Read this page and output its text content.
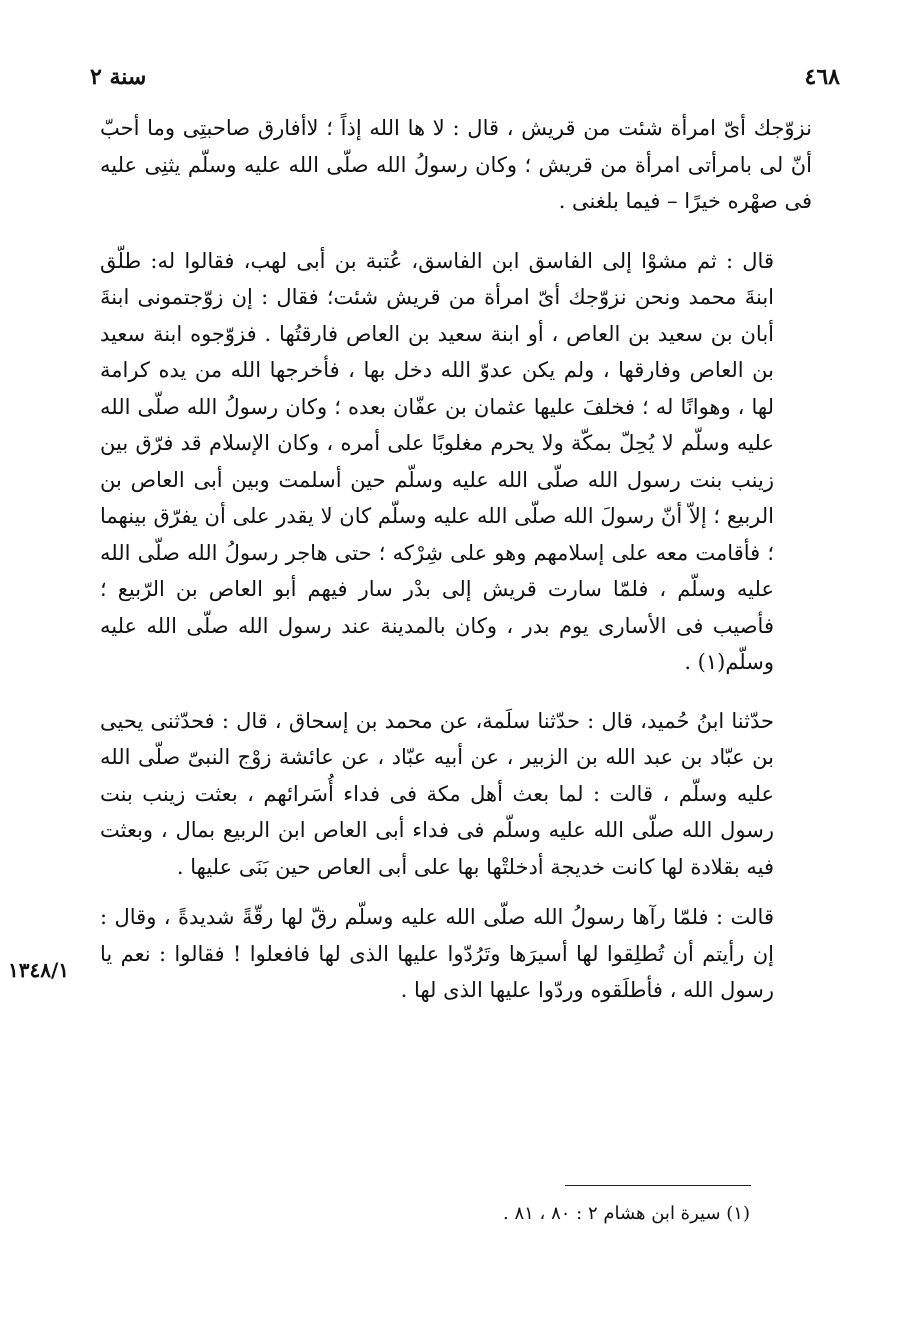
سنة ٢	٤٦٨

نزوّجك أىّ امرأة شئت من قريش ، قال : لا ها الله إذاً ؛ لاأفارق صاحبتِى وما أحبّ أنّ لى بامرأتى امرأة من قريش ؛ وكان رسولُ الله صلّى الله عليه وسلّم يثنِى عليه فى صهْره خيرًا – فيما بلغنى .

قال : ثم مشوْا إلى الفاسق ابن الفاسق، عُتبة بن أبى لهب، فقالوا له: طلّق ابنةَ محمد ونحن نزوّجك أىّ امرأة من قريش شئت؛ فقال : إن زوّجتمونى ابنةَ أبان بن سعيد بن العاص ، أو ابنة سعيد بن العاص فارقتُها . فزوّجوه ابنة سعيد بن العاص وفارقها ، ولم يكن عدوّ الله دخل بها ، فأخرجها الله من يده كرامة لها ، وهوانًا له ؛ فخلفَ عليها عثمان بن عفّان بعده ؛ وكان رسولُ الله صلّى الله عليه وسلّم لا يُحِلّ بمكّة ولا يحرم مغلوبًا على أمره ، وكان الإسلام قد فرّق بين زينب بنت رسول الله صلّى الله عليه وسلّم حين أسلمت وبين أبى العاص بن الربيع ؛ إلاّ أنّ رسولَ الله صلّى الله عليه وسلّم كان لا يقدر على أن يفرّق بينهما ؛ فأقامت معه على إسلامهم وهو على شِرْكه ؛ حتى هاجر رسولُ الله صلّى الله عليه وسلّم ، فلمّا سارت قريش إلى بدْر سار فيهم أبو العاص بن الرّبيع ؛ فأصيب فى الأسارى يوم بدر ، وكان بالمدينة عند رسول الله صلّى الله عليه وسلّم(١) .

حدّثنا ابنُ حُميد، قال : حدّثنا سلَمة، عن محمد بن إسحاق ، قال : فحدّثنى يحيى بن عبّاد بن عبد الله بن الزبير ، عن أبيه عبّاد ، عن عائشة زوْج النبىّ صلّى الله عليه وسلّم ، قالت : لما بعث أهل مكة فى فداء أُسَرائهم ، بعثت زينب بنت رسول الله صلّى الله عليه وسلّم فى فداء أبى العاص ابن الربيع بمال ، وبعثت فيه بقلادة لها كانت خديجة أدخلتْها بها على أبى العاص حين بَنَى عليها .

قالت : فلمّا رآها رسولُ الله صلّى الله عليه وسلّم رقّ لها رقّةً شديدةً ، وقال : إن رأيتم أن تُطلِقوا لها أسيرَها وتَرُدّوا عليها الذى لها فافعلوا ! فقالوا : نعم يا رسول الله ، فأطلَقوه وردّوا عليها الذى لها .

١٣٤٨/١
(١) سيرة ابن هشام ٢ : ٨٠ ، ٨١ .
